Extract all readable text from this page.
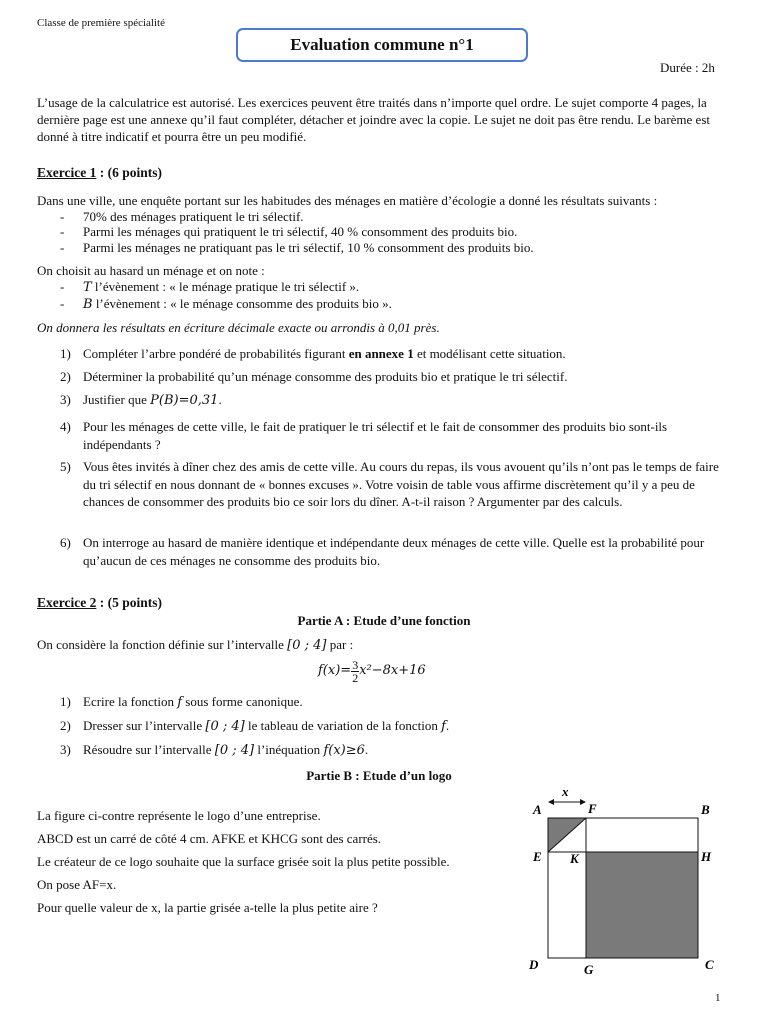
Classe de première spécialité
Evaluation commune n°1
Durée : 2h
L’usage de la calculatrice est autorisé. Les exercices peuvent être traités dans n’importe quel ordre. Le sujet comporte 4 pages, la dernière page est une annexe qu’il faut compléter, détacher et joindre avec la copie. Le sujet ne doit pas être rendu. Le barème est donné à titre indicatif et pourra être un peu modifié.
Exercice 1 : (6 points)
Dans une ville, une enquête portant sur les habitudes des ménages en matière d’écologie a donné les résultats suivants :
- 70% des ménages pratiquent le tri sélectif.
- Parmi les ménages qui pratiquent le tri sélectif, 40 % consomment des produits bio.
- Parmi les ménages ne pratiquant pas le tri sélectif, 10 % consomment des produits bio.
On choisit au hasard un ménage et on note :
- T l’évènement : « le ménage pratique le tri sélectif ».
- B l’évènement : « le ménage consomme des produits bio ».
On donnera les résultats en écriture décimale exacte ou arrondis à 0,01 près.
1) Compléter l’arbre pondéré de probabilités figurant en annexe 1 et modélisant cette situation.
2) Déterminer la probabilité qu’un ménage consomme des produits bio et pratique le tri sélectif.
3) Justifier que P(B)=0,31.
4) Pour les ménages de cette ville, le fait de pratiquer le tri sélectif et le fait de consommer des produits bio sont-ils indépendants ?
5) Vous êtes invités à dîner chez des amis de cette ville. Au cours du repas, ils vous avouent qu’ils n’ont pas le temps de faire du tri sélectif en nous donnant de « bonnes excuses ». Votre voisin de table vous affirme discrètement qu’il y a peu de chances de consommer des produits bio ce soir lors du dîner. A-t-il raison ? Argumenter par des calculs.
6) On interroge au hasard de manière identique et indépendante deux ménages de cette ville. Quelle est la probabilité pour qu’aucun de ces ménages ne consomme des produits bio.
Exercice 2 : (5 points)
Partie A : Etude d’une fonction
On considère la fonction définie sur l’intervalle [0 ; 4] par :
$f(x)= \frac{3}{2} x^2-8x+16$
1) Ecrire la fonction f sous forme canonique.
2) Dresser sur l’intervalle [0 ; 4] le tableau de variation de la fonction f.
3) Résoudre sur l’intervalle [0 ; 4] l’inéquation f(x)≥6.
Partie B : Etude d’un logo
La figure ci-contre représente le logo d’une entreprise.
ABCD est un carré de côté 4 cm. AFKE et KHCG sont des carrés.
Le créateur de ce logo souhaite que la surface grisée soit la plus petite possible.
On pose AF=x.
Pour quelle valeur de x, la partie grisée a-telle la plus petite aire ?
x
A	F	B
E K	H
D	G	C
1
